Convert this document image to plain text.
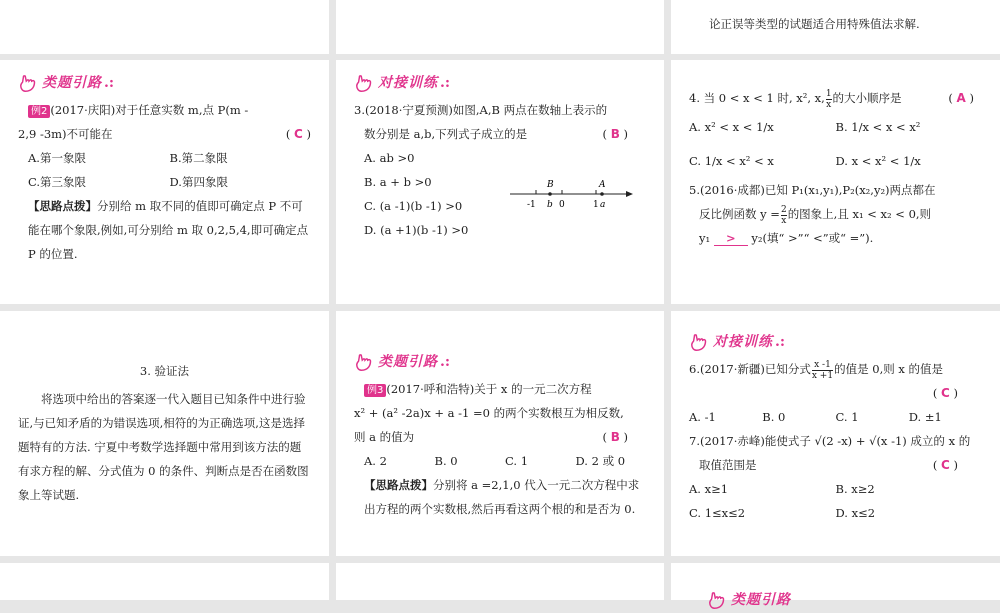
论正误等类型的试题适合用特殊值法求解.
类题引路 .:
例2 (2017·庆阳)对于任意实数 m,点 P(m -
2,9 -3m)不可能在	( C )
A.第一象限	B.第二象限
C.第三象限	D.第四象限
【思路点拨】分别给 m 取不同的值即可确定点 P 不可能在哪个象限,例如,可分别给 m 取 0,2,5,4,即可确定点 P 的位置.
对接训练 .:
3.(2018·宁夏预测)如图,A,B 两点在数轴上表示的
数分别是 a,b,下列式子成立的是	( B )
A. ab >0
B. a + b >0
C. (a -1)(b -1) >0
D. (a +1)(b -1) >0
B	A
-1 b 0	1 a
4. 当 0 < x < 1 时, x², x, $\frac{1}{x}$ 的大小顺序是	( A )
A. x² < x < 1/x	B. 1/x < x < x²
C. 1/x < x² < x	D. x < x² < 1/x
5.(2016·成都)已知 P₁(x₁,y₁),P₂(x₂,y₂)两点都在
反比例函数 $y = \frac{2}{x}$ 的图象上,且 x₁ < x₂ < 0,则
y₁ > y₂(填“ >”“ <”或“ =”).
3. 验证法
将选项中给出的答案逐一代入题目已知条件中进行验证,与已知矛盾的为错误选项,相符的为正确选项,这是选择题特有的方法. 宁夏中考数学选择题中常用到该方法的题有求方程的解、分式值为 0 的条件、判断点是否在函数图象上等试题.
类题引路 .:
例3 (2017·呼和浩特)关于 x 的一元二次方程
x² + (a² -2a)x + a -1 =0 的两个实数根互为相反数,
则 a 的值为	( B )
A. 2	B. 0	C. 1	D. 2 或 0
【思路点拨】分别将 a =2,1,0 代入一元二次方程中求出方程的两个实数根,然后再看这两个根的和是否为 0.
对接训练 .:
6.(2017·新疆)已知分式 $\frac{x -1}{x +1}$ 的值是 0,则 x 的值是
( C )
A. -1	B. 0	C. 1	D. ±1
7.(2017·赤峰)能使式子 √(2 -x) + √(x -1) 成立的 x 的
取值范围是	( C )
A. x≥1	B. x≥2
C. 1≤x≤2	D. x≤2
类题引路
